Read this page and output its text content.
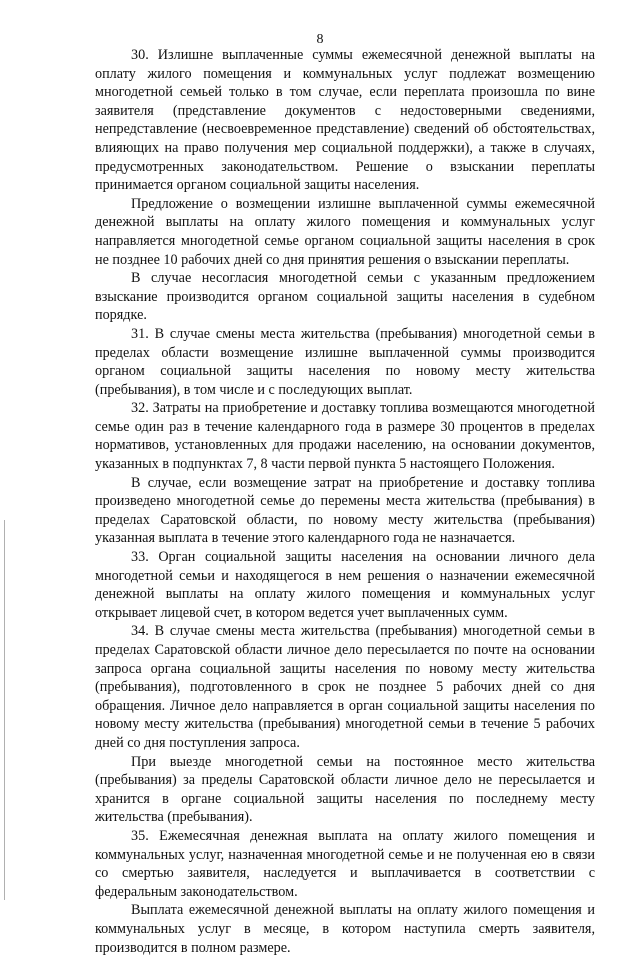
8

30. Излишне выплаченные суммы ежемесячной денежной выплаты на оплату жилого помещения и коммунальных услуг подлежат возмещению многодетной семьей только в том случае, если переплата произошла по вине заявителя (представление документов с недостоверными сведениями, непредставление (несвоевременное представление) сведений об обстоятельствах, влияющих на право получения мер социальной поддержки), а также в случаях, предусмотренных законодательством. Решение о взыскании переплаты принимается органом социальной защиты населения.

Предложение о возмещении излишне выплаченной суммы ежемесячной денежной выплаты на оплату жилого помещения и коммунальных услуг направляется многодетной семье органом социальной защиты населения в срок не позднее 10 рабочих дней со дня принятия решения о взыскании переплаты.

В случае несогласия многодетной семьи с указанным предложением взыскание производится органом социальной защиты населения в судебном порядке.

31. В случае смены места жительства (пребывания) многодетной семьи в пределах области возмещение излишне выплаченной суммы производится органом социальной защиты населения по новому месту жительства (пребывания), в том числе и с последующих выплат.

32. Затраты на приобретение и доставку топлива возмещаются многодетной семье один раз в течение календарного года в размере 30 процентов в пределах нормативов, установленных для продажи населению, на основании документов, указанных в подпунктах 7, 8 части первой пункта 5 настоящего Положения.

В случае, если возмещение затрат на приобретение и доставку топлива произведено многодетной семье до перемены места жительства (пребывания) в пределах Саратовской области, по новому месту жительства (пребывания) указанная выплата в течение этого календарного года не назначается.

33. Орган социальной защиты населения на основании личного дела многодетной семьи и находящегося в нем решения о назначении ежемесячной денежной выплаты на оплату жилого помещения и коммунальных услуг открывает лицевой счет, в котором ведется учет выплаченных сумм.

34. В случае смены места жительства (пребывания) многодетной семьи в пределах Саратовской области личное дело пересылается по почте на основании запроса органа социальной защиты населения по новому месту жительства (пребывания), подготовленного в срок не позднее 5 рабочих дней со дня обращения. Личное дело направляется в орган социальной защиты населения по новому месту жительства (пребывания) многодетной семьи в течение 5 рабочих дней со дня поступления запроса.

При выезде многодетной семьи на постоянное место жительства (пребывания) за пределы Саратовской области личное дело не пересылается и хранится в органе социальной защиты населения по последнему месту жительства (пребывания).

35. Ежемесячная денежная выплата на оплату жилого помещения и коммунальных услуг, назначенная многодетной семье и не полученная ею в связи со смертью заявителя, наследуется и выплачивается в соответствии с федеральным законодательством.

Выплата ежемесячной денежной выплаты на оплату жилого помещения и коммунальных услуг в месяце, в котором наступила смерть заявителя, производится в полном размере.
